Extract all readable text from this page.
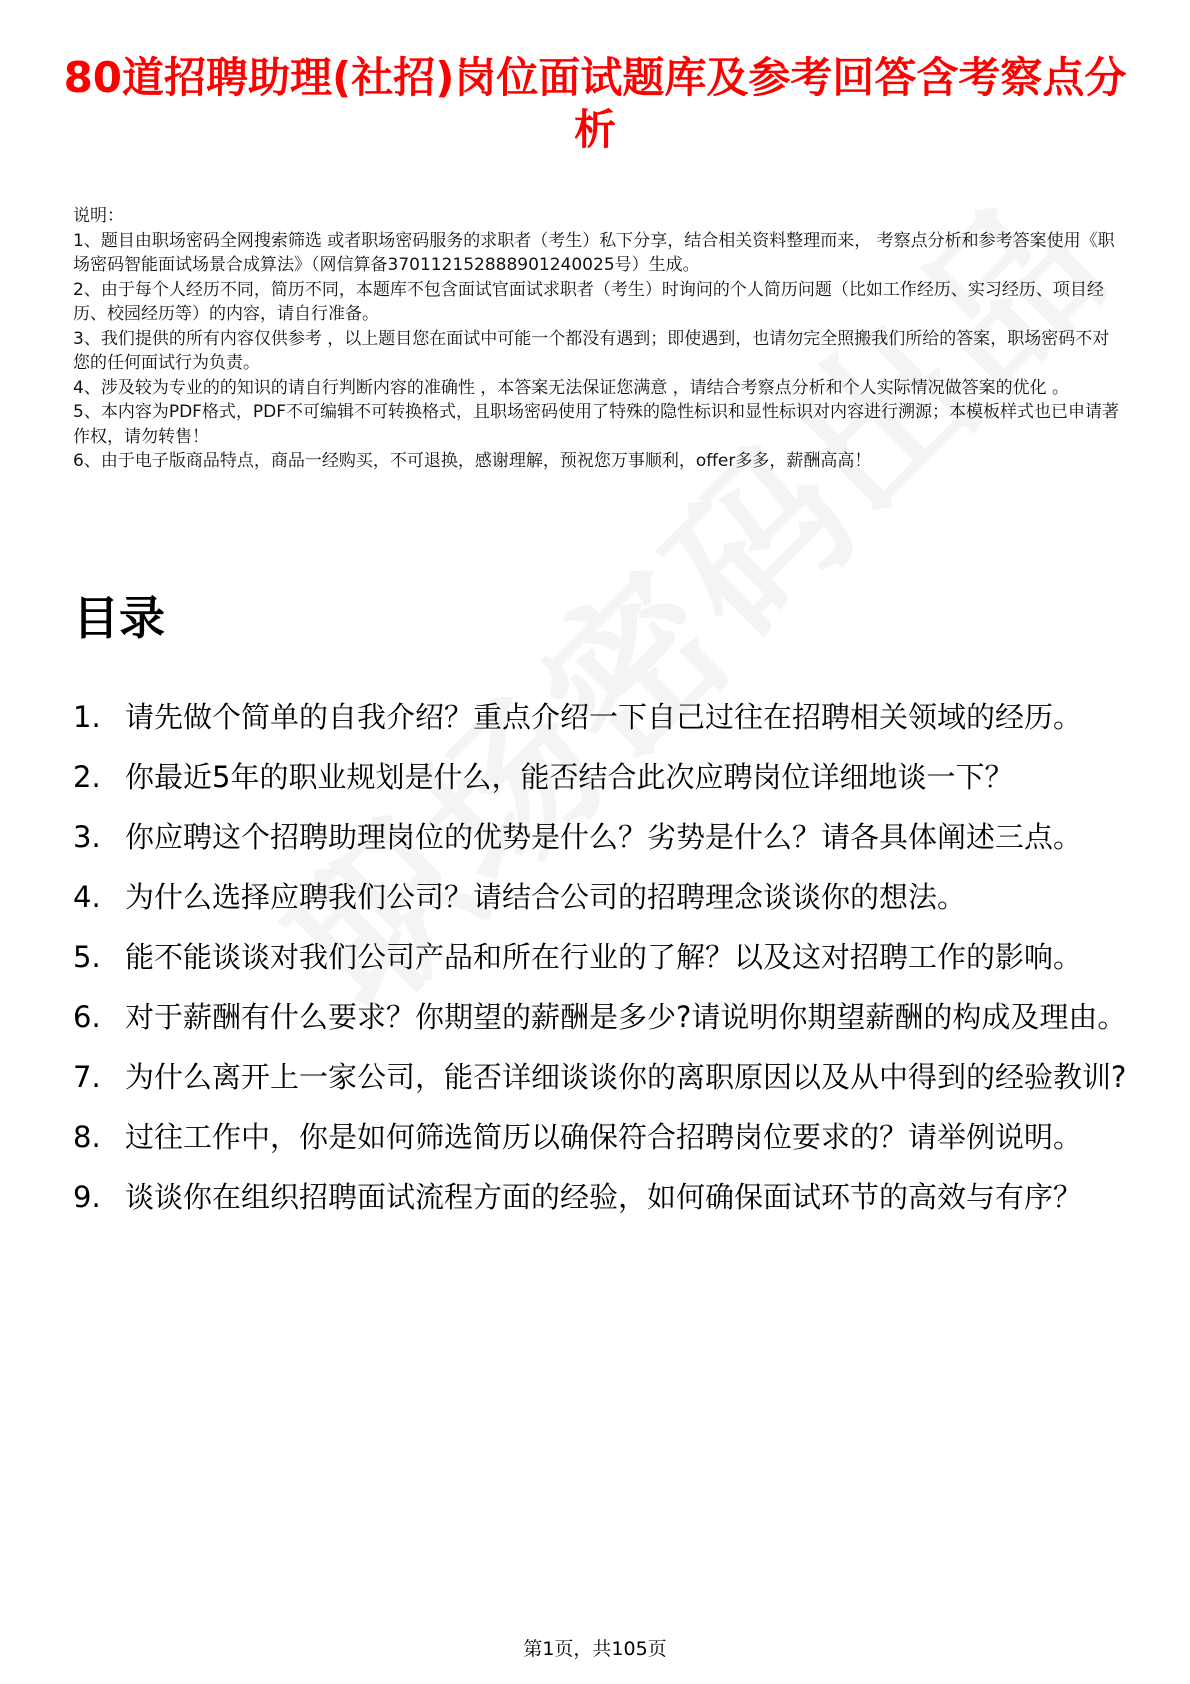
80道招聘助理(社招)岗位面试题库及参考回答含考察点分析

说明：

1、题目由职场密码全网搜索筛选 或者职场密码服务的求职者（考生）私下分享，结合相关资料整理而来， 考察点分析和参考答案使用《职场密码智能面试场景合成算法》（网信算备370112152888901240025号）生成。

2、由于每个人经历不同，简历不同，本题库不包含面试官面试求职者（考生）时询问的个人简历问题（比如工作经历、实习经历、项目经历、校园经历等）的内容，请自行准备。

3、我们提供的所有内容仅供参考 ，以上题目您在面试中可能一个都没有遇到；即使遇到，也请勿完全照搬我们所给的答案，职场密码不对您的任何面试行为负责。

4、涉及较为专业的的知识的请自行判断内容的准确性 ，本答案无法保证您满意 ，请结合考察点分析和个人实际情况做答案的优化 。

5、本内容为PDF格式，PDF不可编辑不可转换格式，且职场密码使用了特殊的隐性标识和显性标识对内容进行溯源；本模板样式也已申请著作权，请勿转售！

6、由于电子版商品特点，商品一经购买，不可退换，感谢理解，预祝您万事顺利，offer多多，薪酬高高！

目录
1. 请先做个简单的自我介绍？重点介绍一下自己过往在招聘相关领域的经历。
2. 你最近5年的职业规划是什么，能否结合此次应聘岗位详细地谈一下？
3. 你应聘这个招聘助理岗位的优势是什么？劣势是什么？请各具体阐述三点。
4. 为什么选择应聘我们公司？请结合公司的招聘理念谈谈你的想法。
5. 能不能谈谈对我们公司产品和所在行业的了解？以及这对招聘工作的影响。
6. 对于薪酬有什么要求？你期望的薪酬是多少?请说明你期望薪酬的构成及理由。
7. 为什么离开上一家公司，能否详细谈谈你的离职原因以及从中得到的经验教训?
8. 过往工作中，你是如何筛选简历以确保符合招聘岗位要求的？请举例说明。
9. 谈谈你在组织招聘面试流程方面的经验，如何确保面试环节的高效与有序？
第1页，共105页
